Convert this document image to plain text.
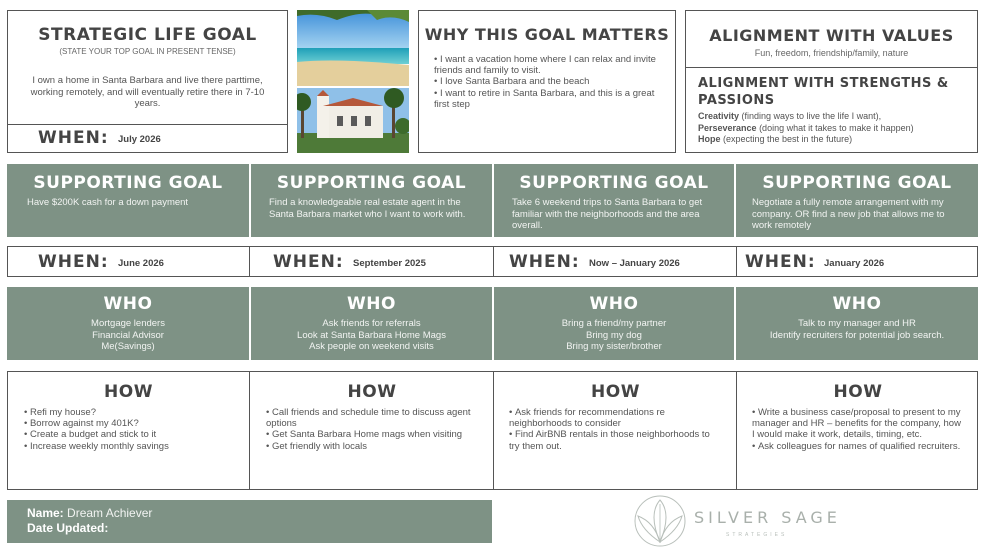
STRATEGIC LIFE GOAL
(STATE YOUR TOP GOAL IN PRESENT TENSE)
I own a home in Santa Barbara and live there parttime, working remotely, and will eventually retire there in 7-10 years.
WHEN: July 2026
WHY THIS GOAL MATTERS
• I want a vacation home where I can relax and invite friends and family to visit.
• I love Santa Barbara and the beach
• I want to retire in Santa Barbara, and this is a great first step
ALIGNMENT WITH VALUES
Fun, freedom, friendship/family, nature
ALIGNMENT WITH STRENGTHS & PASSIONS
Creativity (finding ways to live the life I want),
Perseverance (doing what it takes to make it happen)
Hope (expecting the best in the future)
SUPPORTING GOAL
Have $200K cash for a down payment
SUPPORTING GOAL
Find a knowledgeable real estate agent in the Santa Barbara market who I want to work with.
SUPPORTING GOAL
Take 6 weekend trips to Santa Barbara to get familiar with the neighborhoods and the area overall.
SUPPORTING GOAL
Negotiate a fully remote arrangement with my company. OR find a new job that allows me to work remotely
WHEN: June 2026	WHEN: September 2025	WHEN: Now – January 2026	WHEN: January 2026
WHO
Mortgage lenders
Financial Advisor
Me(Savings)
WHO
Ask friends for referrals
Look at Santa Barbara Home Mags
Ask people on weekend visits
WHO
Bring a friend/my partner
Bring my dog
Bring my sister/brother
WHO
Talk to my manager and HR
Identify recruiters for potential job search.
HOW
• Refi my house?
• Borrow against my 401K?
• Create a budget and stick to it
• Increase weekly monthly savings
HOW
• Call friends and schedule time to discuss agent options
• Get Santa Barbara Home mags when visiting
• Get friendly with locals
HOW
• Ask friends for recommendations re neighborhoods to consider
• Find AirBNB rentals in those neighborhoods to try them out.
HOW
• Write a business case/proposal to present to my manager and HR – benefits for the company, how I would make it work, details, timing, etc.
• Ask colleagues for names of qualified recruiters.
Name: Dream Achiever
Date Updated:
SILVER SAGE
STRATEGIES
